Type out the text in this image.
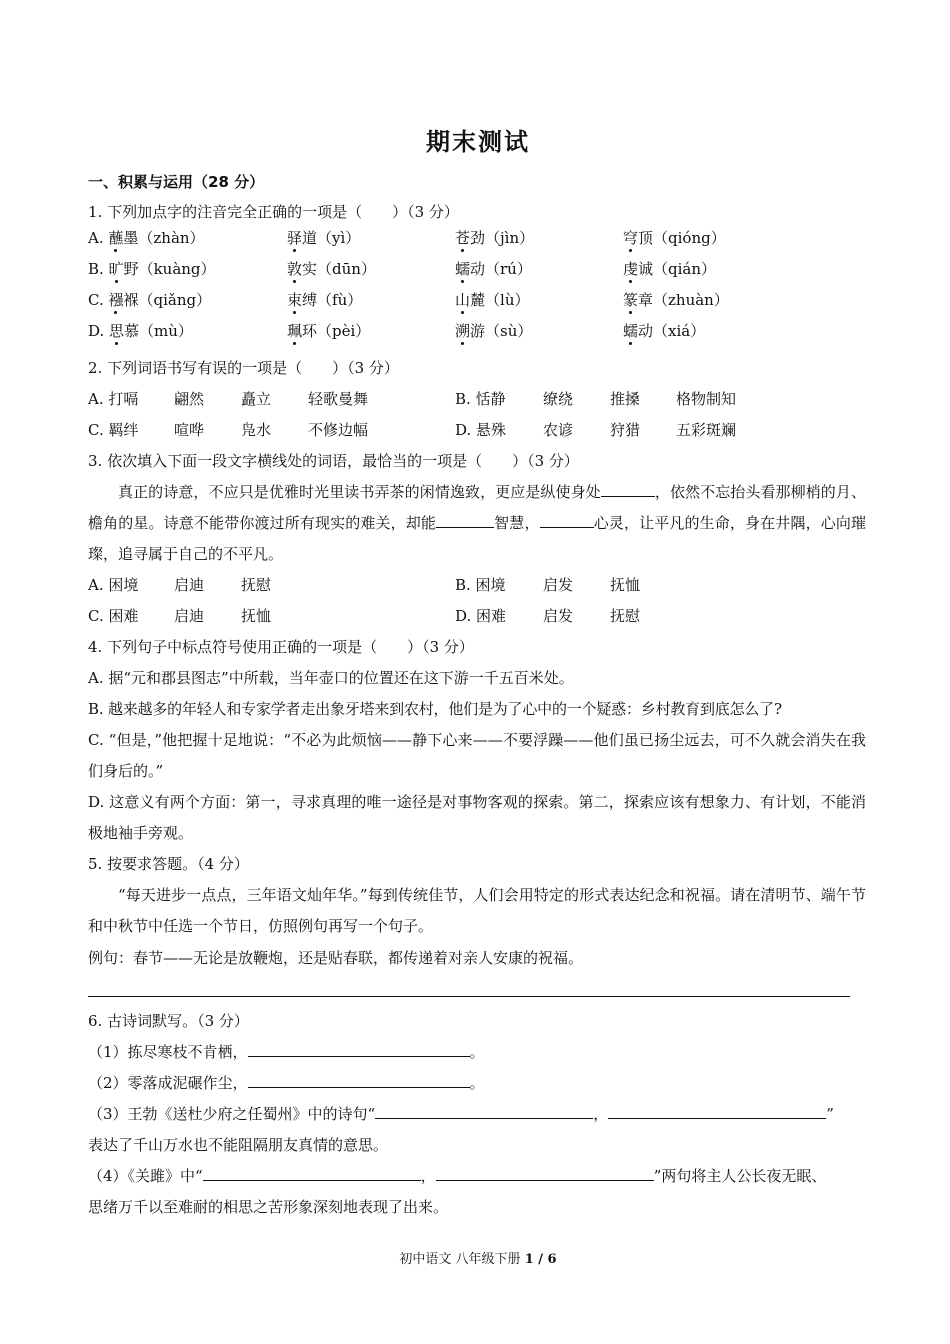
期末测试
一、积累与运用（28 分）
1. 下列加点字的注音完全正确的一项是（　　）（3 分）
A. 蘸墨（zhàn）	驿道（yì）	苍劲（jìn）	穹顶（qióng）
B. 旷野（kuàng）	敦实（dūn）	蠕动（rú）	虔诚（qián）
C. 襁褓（qiǎng）	束缚（fù）	山麓（lù）	篆章（zhuàn）
D. 思慕（mù）	珮环（pèi）	溯游（sù）	蠕动（xiá）
2. 下列词语书写有误的一项是（　　）（3 分）
A. 打嗝 翩然 矗立 轻歌曼舞	B. 恬静 缭绕 推搡 格物制知
C. 羁绊 喧哗 凫水 不修边幅	D. 悬殊 农谚 狩猎 五彩斑斓
3. 依次填入下面一段文字横线处的词语，最恰当的一项是（　　）（3 分）
真正的诗意，不应只是优雅时光里读书弄茶的闲情逸致，更应是纵使身处	，依然不忘抬头看那柳梢的月、檐角的星。诗意不能带你渡过所有现实的难关，却能	智慧，	心灵，让平凡的生命，身在井隅，心向璀璨，追寻属于自己的不平凡。
A. 困境 启迪 抚慰	B. 困境 启发 抚恤
C. 困难 启迪 抚恤	D. 困难 启发 抚慰
4. 下列句子中标点符号使用正确的一项是（　　）（3 分）
A. 据“元和郡县图志”中所载，当年壶口的位置还在这下游一千五百米处。
B. 越来越多的年轻人和专家学者走出象牙塔来到农村，他们是为了心中的一个疑惑：乡村教育到底怎么了?
C. “但是，”他把握十足地说：“不必为此烦恼——静下心来——不要浮躁——他们虽已扬尘远去，可不久就会消失在我们身后的。”
D. 这意义有两个方面：第一，寻求真理的唯一途径是对事物客观的探索。第二，探索应该有想象力、有计划，不能消极地袖手旁观。
5. 按要求答题。（4 分）
“每天进步一点点，三年语文灿年华。”每到传统佳节，人们会用特定的形式表达纪念和祝福。请在清明节、端午节和中秋节中任选一个节日，仿照例句再写一个句子。
例句：春节——无论是放鞭炮，还是贴春联，都传递着对亲人安康的祝福。
6. 古诗词默写。（3 分）
（1）拣尽寒枝不肯栖，	。
（2）零落成泥碾作尘，	。
（3）王勃《送杜少府之任蜀州》中的诗句“	，	”
表达了千山万水也不能阻隔朋友真情的意思。
（4）《关雎》中“	，	”两句将主人公长夜无眠、
思绪万千以至难耐的相思之苦形象深刻地表现了出来。
初中语文 八年级下册 1 / 6
